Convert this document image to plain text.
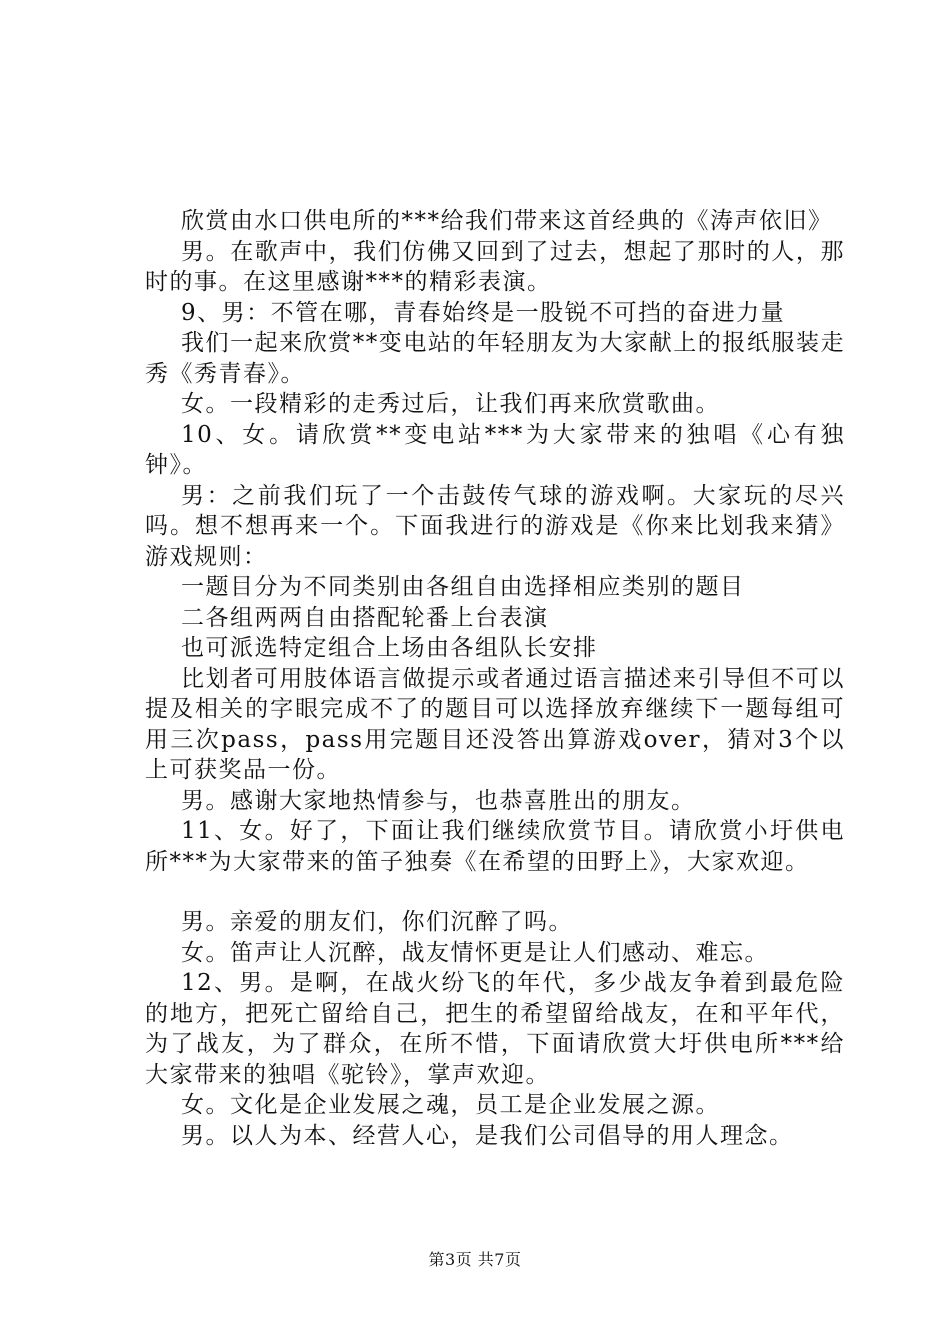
欣赏由水口供电所的***给我们带来这首经典的《涛声依旧》

男。在歌声中，我们仿佛又回到了过去，想起了那时的人，那时的事。在这里感谢***的精彩表演。

9、男：不管在哪，青春始终是一股锐不可挡的奋进力量

我们一起来欣赏**变电站的年轻朋友为大家献上的报纸服装走秀《秀青春》。

女。一段精彩的走秀过后，让我们再来欣赏歌曲。

10、女。请欣赏**变电站***为大家带来的独唱《心有独钟》。

男：之前我们玩了一个击鼓传气球的游戏啊。大家玩的尽兴吗。想不想再来一个。下面我进行的游戏是《你来比划我来猜》游戏规则：

一题目分为不同类别由各组自由选择相应类别的题目

二各组两两自由搭配轮番上台表演

也可派选特定组合上场由各组队长安排

比划者可用肢体语言做提示或者通过语言描述来引导但不可以提及相关的字眼完成不了的题目可以选择放弃继续下一题每组可用三次pass，pass用完题目还没答出算游戏over，猜对3个以上可获奖品一份。

男。感谢大家地热情参与，也恭喜胜出的朋友。

11、女。好了，下面让我们继续欣赏节目。请欣赏小圩供电所***为大家带来的笛子独奏《在希望的田野上》，大家欢迎。

男。亲爱的朋友们，你们沉醉了吗。

女。笛声让人沉醉，战友情怀更是让人们感动、难忘。

12、男。是啊，在战火纷飞的年代，多少战友争着到最危险的地方，把死亡留给自己，把生的希望留给战友，在和平年代，为了战友，为了群众，在所不惜，下面请欣赏大圩供电所***给大家带来的独唱《驼铃》，掌声欢迎。

女。文化是企业发展之魂，员工是企业发展之源。

男。以人为本、经营人心，是我们公司倡导的用人理念。

第3页 共7页
